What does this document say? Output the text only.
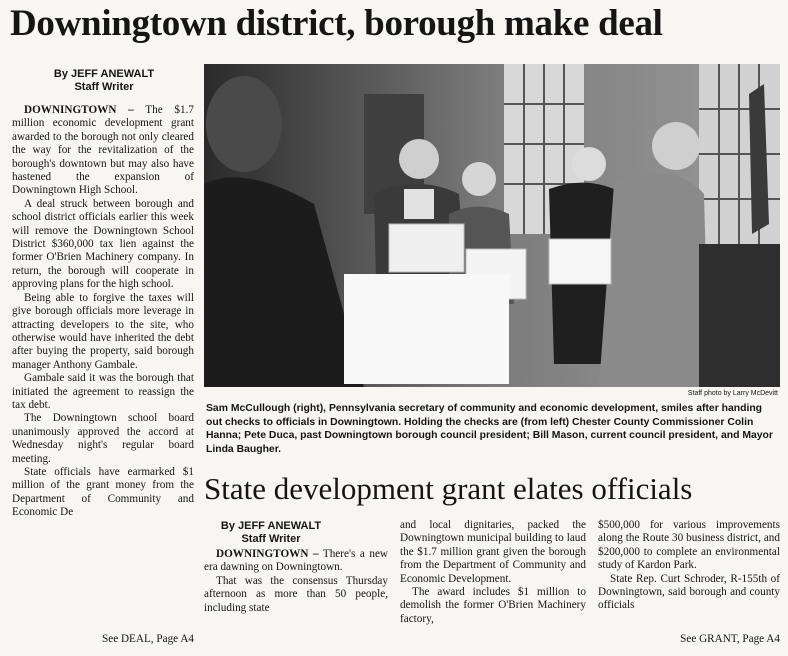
Downingtown district, borough make deal
By JEFF ANEWALT
Staff Writer

DOWNINGTOWN – The $1.7 million economic development grant awarded to the borough not only cleared the way for the revitalization of the borough's downtown but may also have hastened the expansion of Downingtown High School.

A deal struck between borough and school district officials earlier this week will remove the Downingtown School District $360,000 tax lien against the former O'Brien Machinery company. In return, the borough will cooperate in approving plans for the high school.

Being able to forgive the taxes will give borough officials more leverage in attracting developers to the site, who otherwise would have inherited the debt after buying the property, said borough manager Anthony Gambale.

Gambale said it was the borough that initiated the agreement to reassign the tax debt.

The Downingtown school board unanimously approved the accord at Wednesday night's regular board meeting.

State officials have earmarked $1 million of the grant money from the Department of Community and Economic De

See DEAL, Page A4
Staff photo by Larry McDevitt
Sam McCullough (right), Pennsylvania secretary of community and economic development, smiles after handing out checks to officials in Downingtown. Holding the checks are (from left) Chester County Commissioner Colin Hanna; Pete Duca, past Downingtown borough council president; Bill Mason, current council president, and Mayor Linda Baugher.
State development grant elates officials
By JEFF ANEWALT
Staff Writer

DOWNINGTOWN – There's a new era dawning on Downingtown.

That was the consensus Thursday afternoon as more than 50 people, including state

and local dignitaries, packed the Downingtown municipal building to laud the $1.7 million grant given the borough from the Department of Community and Economic Development.

The award includes $1 million to demolish the former O'Brien Machinery factory,

$500,000 for various improvements along the Route 30 business district, and $200,000 to complete an environmental study of Kardon Park.

State Rep. Curt Schroder, R-155th of Downingtown, said borough and county officials

See GRANT, Page A4
